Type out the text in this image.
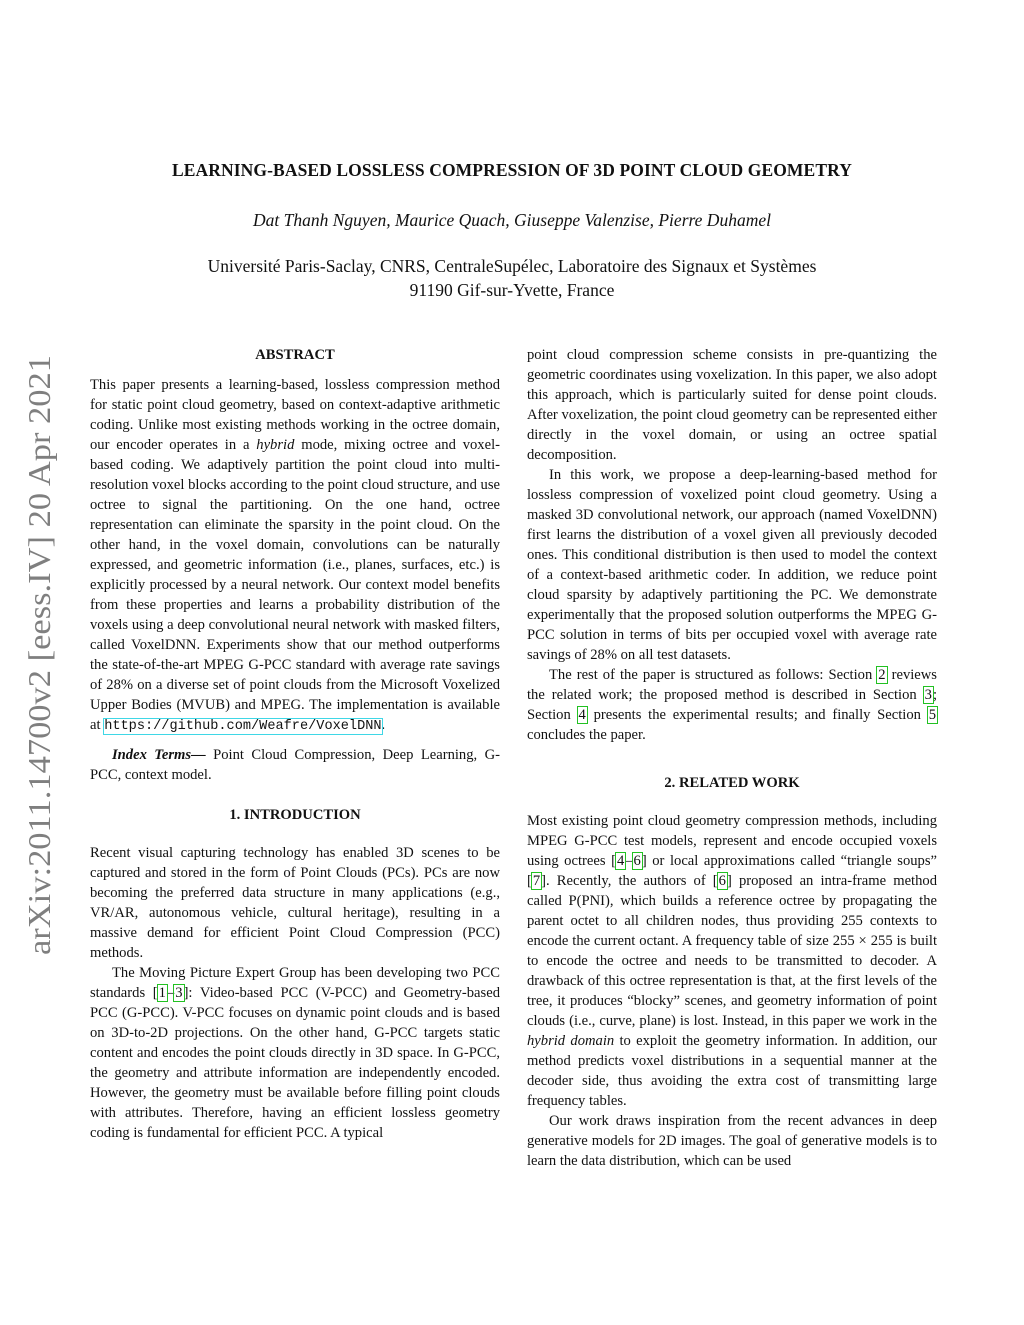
arXiv:2011.14700v2 [eess.IV] 20 Apr 2021
LEARNING-BASED LOSSLESS COMPRESSION OF 3D POINT CLOUD GEOMETRY
Dat Thanh Nguyen, Maurice Quach, Giuseppe Valenzise, Pierre Duhamel
Université Paris-Saclay, CNRS, CentraleSupélec, Laboratoire des Signaux et Systèmes
91190 Gif-sur-Yvette, France
ABSTRACT

This paper presents a learning-based, lossless compression method for static point cloud geometry, based on context-adaptive arithmetic coding. Unlike most existing methods working in the octree domain, our encoder operates in a hybrid mode, mixing octree and voxel-based coding. We adaptively partition the point cloud into multi-resolution voxel blocks according to the point cloud structure, and use octree to signal the partitioning. On the one hand, octree representation can eliminate the sparsity in the point cloud. On the other hand, in the voxel domain, convolutions can be naturally expressed, and geometric information (i.e., planes, surfaces, etc.) is explicitly processed by a neural network. Our context model benefits from these properties and learns a probability distribution of the voxels using a deep convolutional neural network with masked filters, called VoxelDNN. Experiments show that our method outperforms the state-of-the-art MPEG G-PCC standard with average rate savings of 28% on a diverse set of point clouds from the Microsoft Voxelized Upper Bodies (MVUB) and MPEG. The implementation is available at https://github.com/Weafre/VoxelDNN.

Index Terms— Point Cloud Compression, Deep Learning, G-PCC, context model.

1. INTRODUCTION

Recent visual capturing technology has enabled 3D scenes to be captured and stored in the form of Point Clouds (PCs). PCs are now becoming the preferred data structure in many applications (e.g., VR/AR, autonomous vehicle, cultural heritage), resulting in a massive demand for efficient Point Cloud Compression (PCC) methods.

The Moving Picture Expert Group has been developing two PCC standards [1–3]: Video-based PCC (V-PCC) and Geometry-based PCC (G-PCC). V-PCC focuses on dynamic point clouds and is based on 3D-to-2D projections. On the other hand, G-PCC targets static content and encodes the point clouds directly in 3D space. In G-PCC, the geometry and attribute information are independently encoded. However, the geometry must be available before filling point clouds with attributes. Therefore, having an efficient lossless geometry coding is fundamental for efficient PCC. A typical

point cloud compression scheme consists in pre-quantizing the geometric coordinates using voxelization. In this paper, we also adopt this approach, which is particularly suited for dense point clouds. After voxelization, the point cloud geometry can be represented either directly in the voxel domain, or using an octree spatial decomposition.

In this work, we propose a deep-learning-based method for lossless compression of voxelized point cloud geometry. Using a masked 3D convolutional network, our approach (named VoxelDNN) first learns the distribution of a voxel given all previously decoded ones. This conditional distribution is then used to model the context of a context-based arithmetic coder. In addition, we reduce point cloud sparsity by adaptively partitioning the PC. We demonstrate experimentally that the proposed solution outperforms the MPEG G-PCC solution in terms of bits per occupied voxel with average rate savings of 28% on all test datasets.

The rest of the paper is structured as follows: Section 2 reviews the related work; the proposed method is described in Section 3; Section 4 presents the experimental results; and finally Section 5 concludes the paper.

2. RELATED WORK

Most existing point cloud geometry compression methods, including MPEG G-PCC test models, represent and encode occupied voxels using octrees [4–6] or local approximations called “triangle soups” [7]. Recently, the authors of [6] proposed an intra-frame method called P(PNI), which builds a reference octree by propagating the parent octet to all children nodes, thus providing 255 contexts to encode the current octant. A frequency table of size 255 × 255 is built to encode the octree and needs to be transmitted to decoder. A drawback of this octree representation is that, at the first levels of the tree, it produces “blocky” scenes, and geometry information of point clouds (i.e., curve, plane) is lost. Instead, in this paper we work in the hybrid domain to exploit the geometry information. In addition, our method predicts voxel distributions in a sequential manner at the decoder side, thus avoiding the extra cost of transmitting large frequency tables.

Our work draws inspiration from the recent advances in deep generative models for 2D images. The goal of generative models is to learn the data distribution, which can be used
